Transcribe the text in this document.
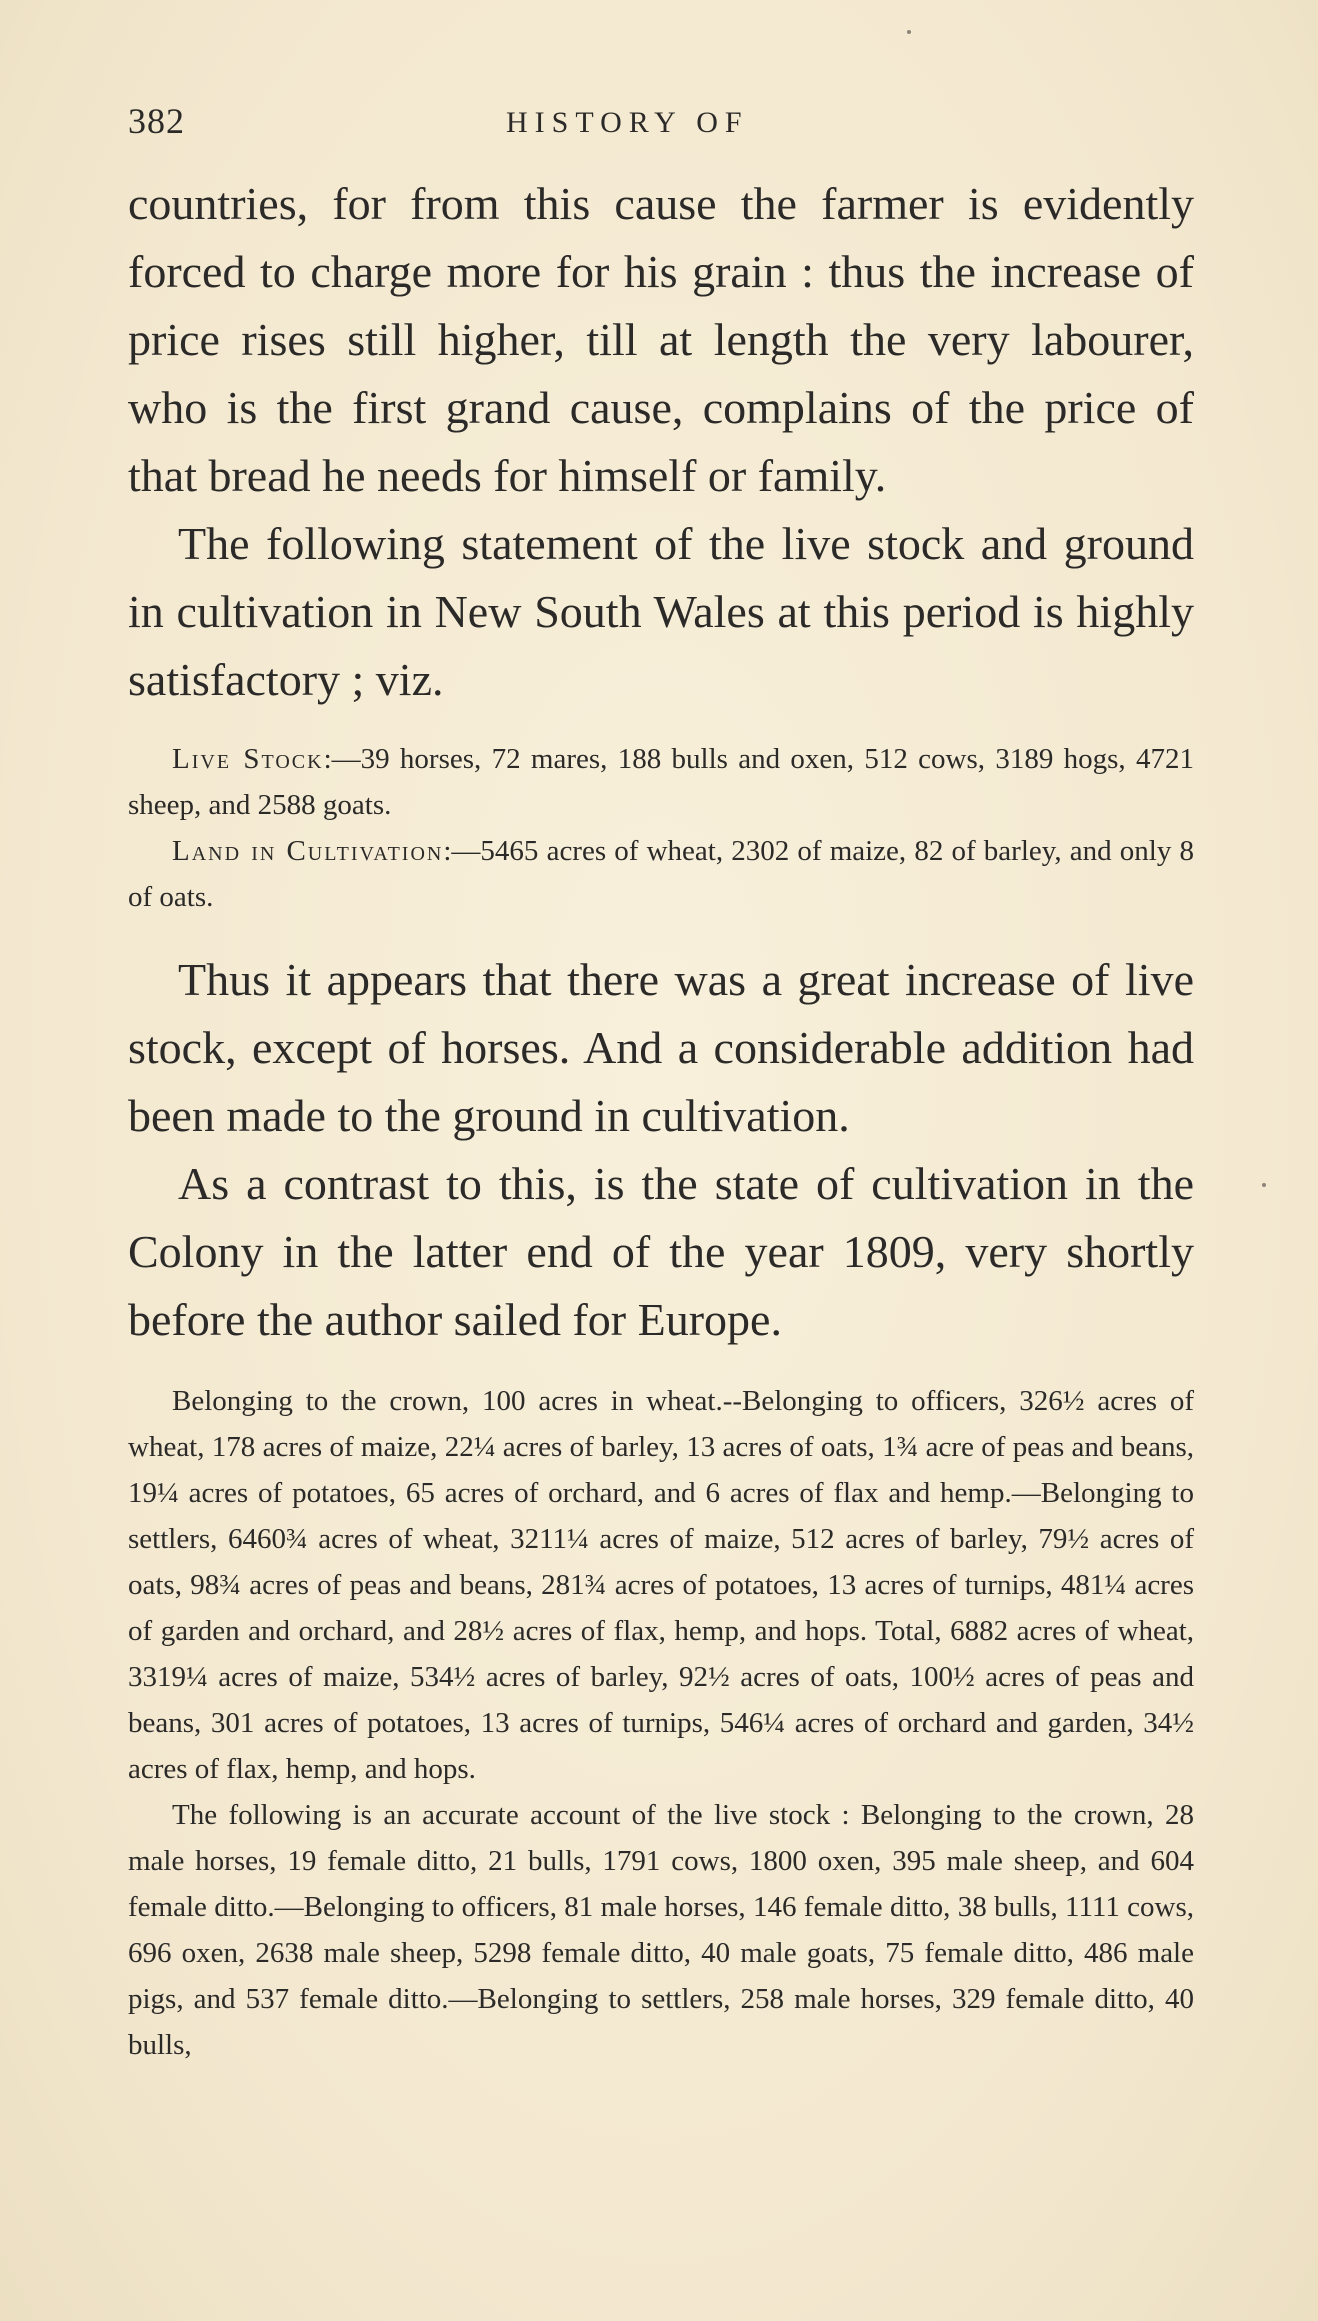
382	HISTORY OF

countries, for from this cause the farmer is evidently forced to charge more for his grain : thus the increase of price rises still higher, till at length the very labourer, who is the first grand cause, complains of the price of that bread he needs for himself or family.

The following statement of the live stock and ground in cultivation in New South Wales at this period is highly satisfactory ; viz.

Live Stock:—39 horses, 72 mares, 188 bulls and oxen, 512 cows, 3189 hogs, 4721 sheep, and 2588 goats.

Land in Cultivation:—5465 acres of wheat, 2302 of maize, 82 of barley, and only 8 of oats.

Thus it appears that there was a great increase of live stock, except of horses. And a considerable addition had been made to the ground in cultivation.

As a contrast to this, is the state of cultivation in the Colony in the latter end of the year 1809, very shortly before the author sailed for Europe.

Belonging to the crown, 100 acres in wheat.--Belonging to officers, 326½ acres of wheat, 178 acres of maize, 22¼ acres of barley, 13 acres of oats, 1¾ acre of peas and beans, 19¼ acres of potatoes, 65 acres of orchard, and 6 acres of flax and hemp.—Belonging to settlers, 6460¾ acres of wheat, 3211¼ acres of maize, 512 acres of barley, 79½ acres of oats, 98¾ acres of peas and beans, 281¾ acres of potatoes, 13 acres of turnips, 481¼ acres of garden and orchard, and 28½ acres of flax, hemp, and hops. Total, 6882 acres of wheat, 3319¼ acres of maize, 534½ acres of barley, 92½ acres of oats, 100½ acres of peas and beans, 301 acres of potatoes, 13 acres of turnips, 546¼ acres of orchard and garden, 34½ acres of flax, hemp, and hops.

The following is an accurate account of the live stock : Belonging to the crown, 28 male horses, 19 female ditto, 21 bulls, 1791 cows, 1800 oxen, 395 male sheep, and 604 female ditto.—Belonging to officers, 81 male horses, 146 female ditto, 38 bulls, 1111 cows, 696 oxen, 2638 male sheep, 5298 female ditto, 40 male goats, 75 female ditto, 486 male pigs, and 537 female ditto.—Belonging to settlers, 258 male horses, 329 female ditto, 40 bulls,
